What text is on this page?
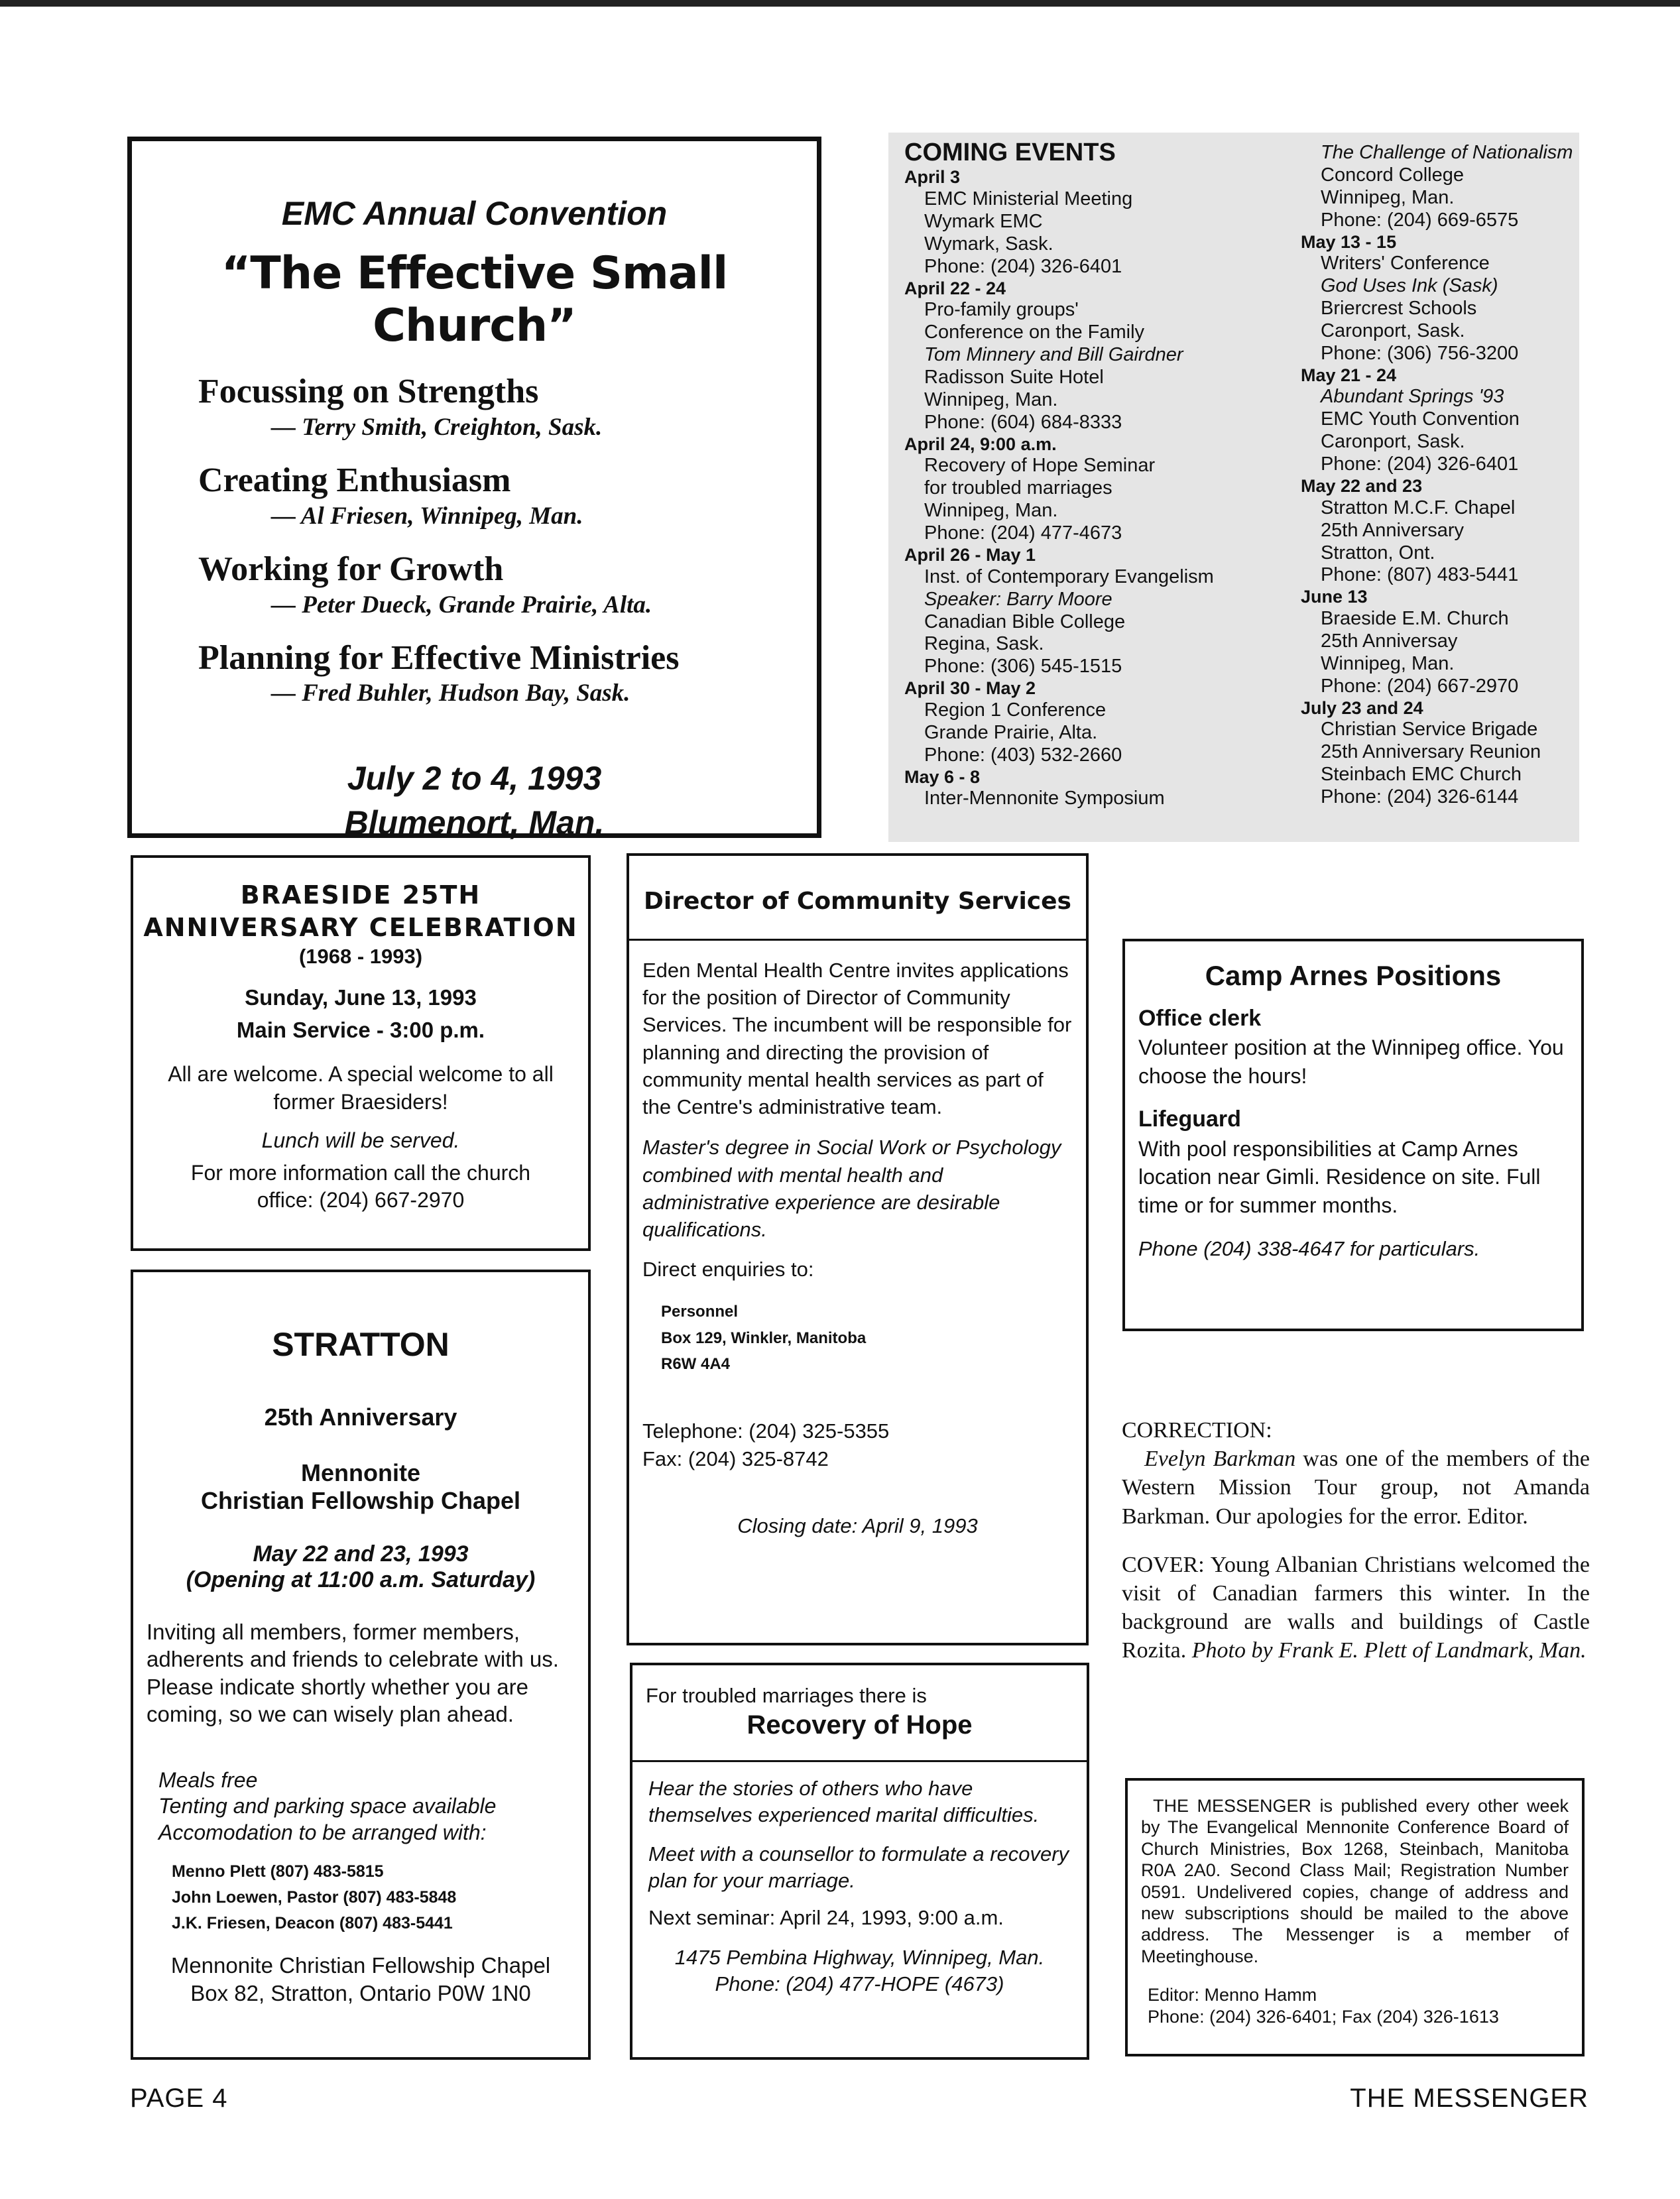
EMC Annual Convention
“The Effective Small Church”
Focussing on Strengths
— Terry Smith, Creighton, Sask.
Creating Enthusiasm
— Al Friesen, Winnipeg, Man.
Working for Growth
— Peter Dueck, Grande Prairie, Alta.
Planning for Effective Ministries
— Fred Buhler, Hudson Bay, Sask.
July 2 to 4, 1993
Blumenort, Man.
COMING EVENTS
April 3
EMC Ministerial Meeting
Wymark EMC
Wymark, Sask.
Phone: (204) 326-6401
April 22 - 24
Pro-family groups'
Conference on the Family
Tom Minnery and Bill Gairdner
Radisson Suite Hotel
Winnipeg, Man.
Phone: (604) 684-8333
April 24, 9:00 a.m.
Recovery of Hope Seminar
for troubled marriages
Winnipeg, Man.
Phone: (204) 477-4673
April 26 - May 1
Inst. of Contemporary Evangelism
Speaker: Barry Moore
Canadian Bible College
Regina, Sask.
Phone: (306) 545-1515
April 30 - May 2
Region 1 Conference
Grande Prairie, Alta.
Phone: (403) 532-2660
May 6 - 8
Inter-Mennonite Symposium
The Challenge of Nationalism
Concord College
Winnipeg, Man.
Phone: (204) 669-6575
May 13 - 15
Writers' Conference
God Uses Ink (Sask)
Briercrest Schools
Caronport, Sask.
Phone: (306) 756-3200
May 21 - 24
Abundant Springs '93
EMC Youth Convention
Caronport, Sask.
Phone: (204) 326-6401
May 22 and 23
Stratton M.C.F. Chapel
25th Anniversary
Stratton, Ont.
Phone: (807) 483-5441
June 13
Braeside E.M. Church
25th Anniversay
Winnipeg, Man.
Phone: (204) 667-2970
July 23 and 24
Christian Service Brigade
25th Anniversary Reunion
Steinbach EMC Church
Phone: (204) 326-6144
BRAESIDE 25TH ANNIVERSARY CELEBRATION
(1968 - 1993)
Sunday, June 13, 1993
Main Service - 3:00 p.m.

All are welcome. A special welcome to all former Braesiders!

Lunch will be served.

For more information call the church office: (204) 667-2970

STRATTON
25th Anniversary
Mennonite
Christian Fellowship Chapel
May 22 and 23, 1993
(Opening at 11:00 a.m. Saturday)

Inviting all members, former members, adherents and friends to celebrate with us. Please indicate shortly whether you are coming, so we can wisely plan ahead.

Meals free
Tenting and parking space available
Accomodation to be arranged with:
Menno Plett (807) 483-5815
John Loewen, Pastor (807) 483-5848
J.K. Friesen, Deacon (807) 483-5441
Mennonite Christian Fellowship Chapel
Box 82, Stratton, Ontario P0W 1N0
Director of Community Services

Eden Mental Health Centre invites applications for the position of Director of Community Services. The incumbent will be responsible for planning and directing the provision of community mental health services as part of the Centre's administrative team.

Master's degree in Social Work or Psychology combined with mental health and administrative experience are desirable qualifications.

Direct enquiries to:

Personnel
Box 129, Winkler, Manitoba
R6W 4A4
Telephone: (204) 325-5355
Fax: (204) 325-8742
Closing date: April 9, 1993
For troubled marriages there is
Recovery of Hope

Hear the stories of others who have themselves experienced marital difficulties.

Meet with a counsellor to formulate a recovery plan for your marriage.

Next seminar: April 24, 1993, 9:00 a.m.

1475 Pembina Highway, Winnipeg, Man.
Phone: (204) 477-HOPE (4673)
Camp Arnes Positions
Office clerk

Volunteer position at the Winnipeg office. You choose the hours!

Lifeguard

With pool responsibilities at Camp Arnes location near Gimli. Residence on site. Full time or for summer months.

Phone (204) 338-4647 for particulars.

CORRECTION:

Evelyn Barkman was one of the members of the Western Mission Tour group, not Amanda Barkman. Our apologies for the error. Editor.

COVER: Young Albanian Christians welcomed the visit of Canadian farmers this winter. In the background are walls and buildings of Castle Rozita. Photo by Frank E. Plett of Landmark, Man.

THE MESSENGER is published every other week by The Evangelical Mennonite Conference Board of Church Ministries, Box 1268, Steinbach, Manitoba R0A 2A0. Second Class Mail; Registration Number 0591. Undelivered copies, change of address and new subscriptions should be mailed to the above address. The Messenger is a member of Meetinghouse.

Editor: Menno Hamm
Phone: (204) 326-6401; Fax (204) 326-1613
PAGE 4	THE MESSENGER
